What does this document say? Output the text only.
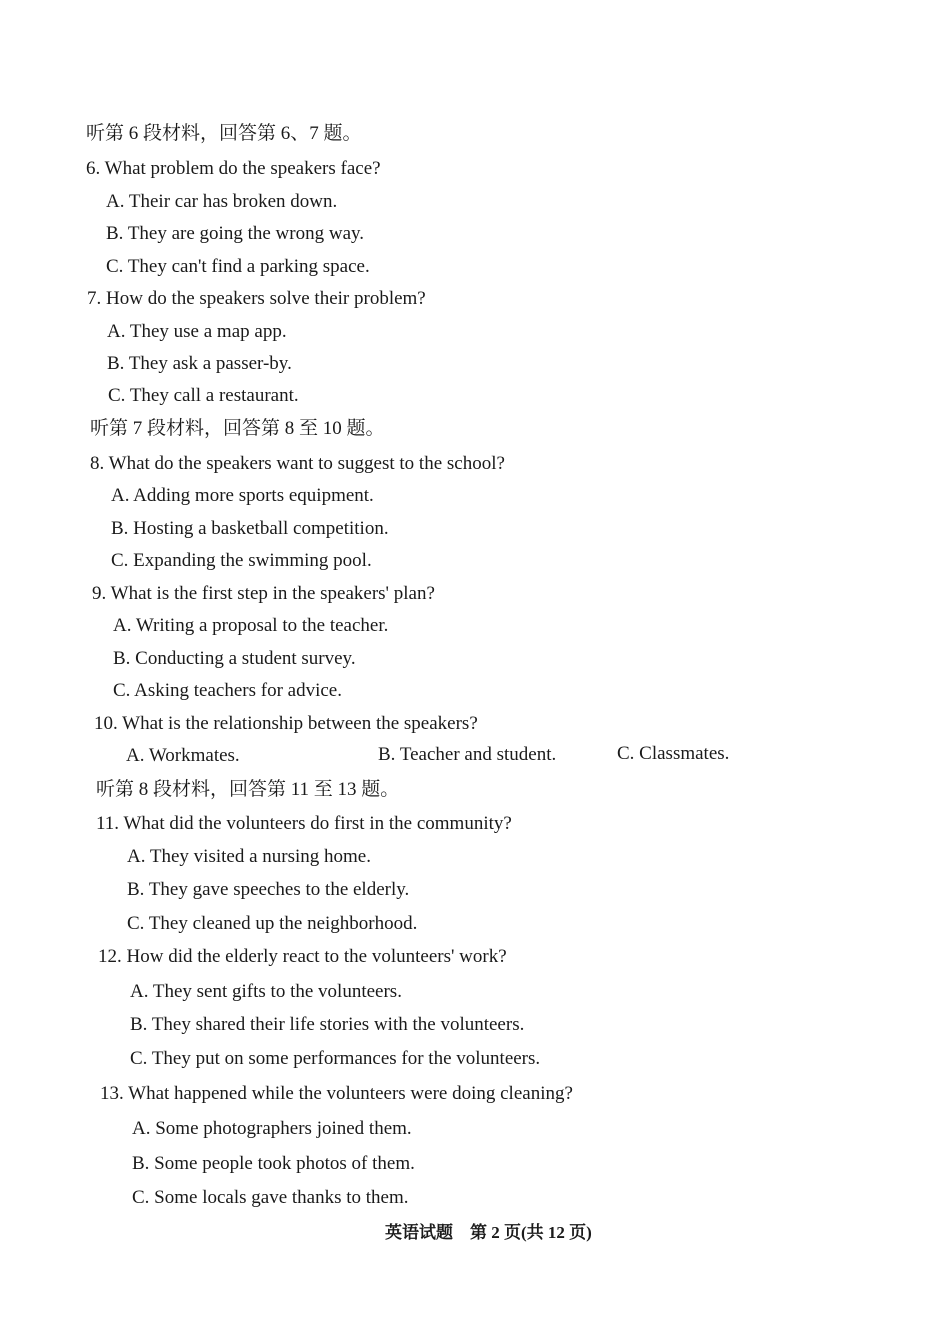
听第 6 段材料，回答第 6、7 题。
6. What problem do the speakers face?
A. Their car has broken down.
B. They are going the wrong way.
C. They can't find a parking space.
7. How do the speakers solve their problem?
A. They use a map app.
B. They ask a passer-by.
C. They call a restaurant.
听第 7 段材料，回答第 8 至 10 题。
8. What do the speakers want to suggest to the school?
A. Adding more sports equipment.
B. Hosting a basketball competition.
C. Expanding the swimming pool.
9. What is the first step in the speakers' plan?
A. Writing a proposal to the teacher.
B. Conducting a student survey.
C. Asking teachers for advice.
10. What is the relationship between the speakers?
A. Workmates.	B. Teacher and student.	C. Classmates.
听第 8 段材料，回答第 11 至 13 题。
11. What did the volunteers do first in the community?
A. They visited a nursing home.
B. They gave speeches to the elderly.
C. They cleaned up the neighborhood.
12. How did the elderly react to the volunteers' work?
A. They sent gifts to the volunteers.
B. They shared their life stories with the volunteers.
C. They put on some performances for the volunteers.
13. What happened while the volunteers were doing cleaning?
A. Some photographers joined them.
B. Some people took photos of them.
C. Some locals gave thanks to them.
英语试题　第 2 页(共 12 页)
